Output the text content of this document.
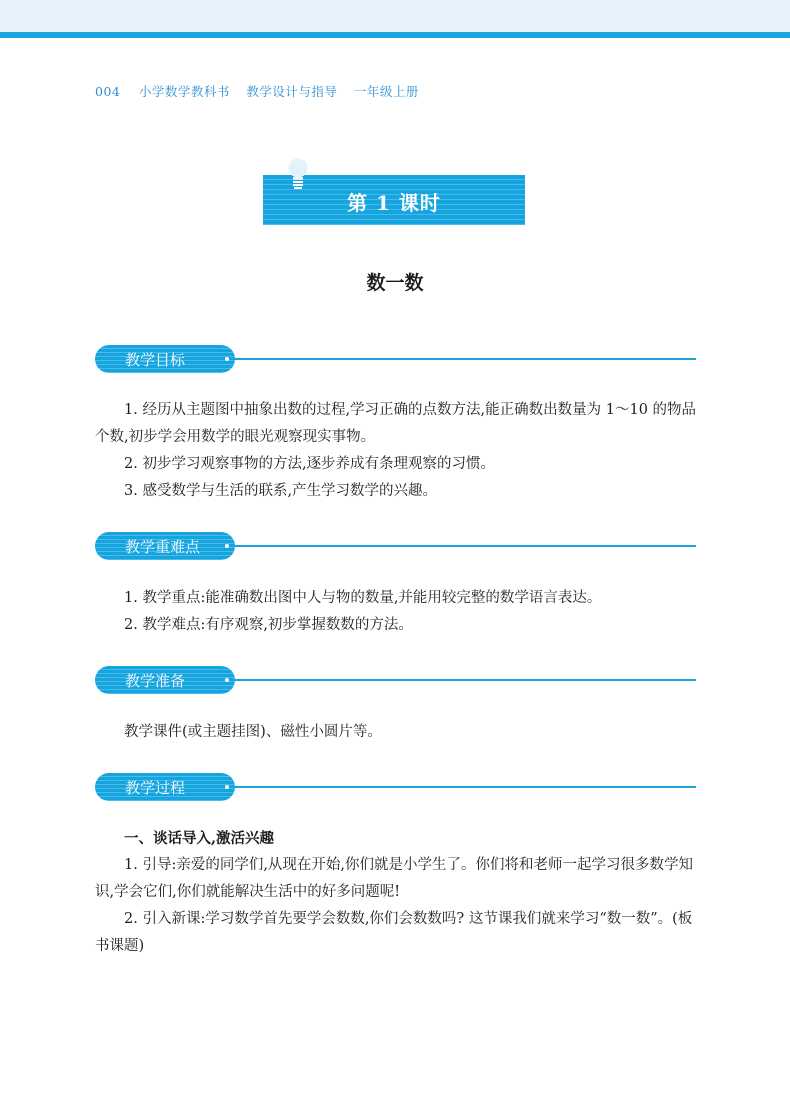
004 小学数学教科书 教学设计与指导 一年级上册
第 1 课时
数一数
教学目标

1. 经历从主题图中抽象出数的过程,学习正确的点数方法,能正确数出数量为 1～10 的物品个数,初步学会用数学的眼光观察现实事物。

2. 初步学习观察事物的方法,逐步养成有条理观察的习惯。

3. 感受数学与生活的联系,产生学习数学的兴趣。

教学重难点

1. 教学重点:能准确数出图中人与物的数量,并能用较完整的数学语言表达。

2. 教学难点:有序观察,初步掌握数数的方法。

教学准备

教学课件(或主题挂图)、磁性小圆片等。

教学过程

一、谈话导入,激活兴趣

1. 引导:亲爱的同学们,从现在开始,你们就是小学生了。你们将和老师一起学习很多数学知识,学会它们,你们就能解决生活中的好多问题呢!

2. 引入新课:学习数学首先要学会数数,你们会数数吗? 这节课我们就来学习“数一数”。(板书课题)
